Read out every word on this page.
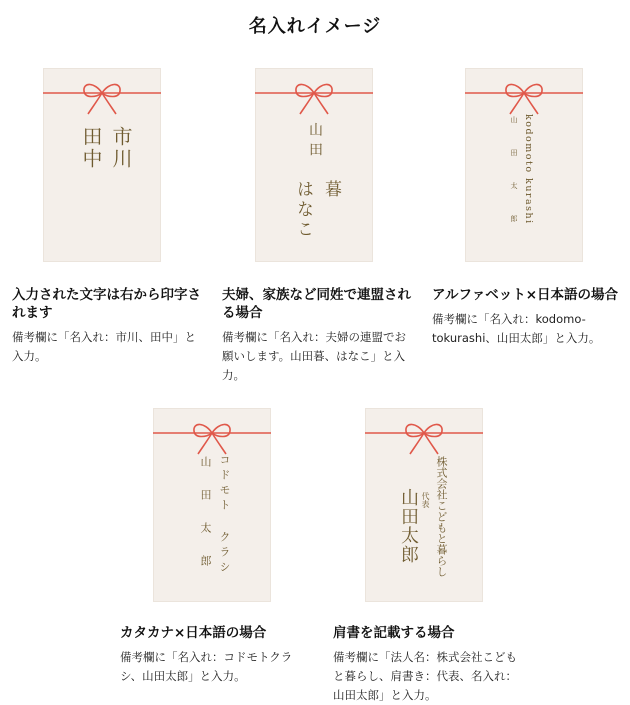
名入れイメージ
市川
田中
入力された文字は右から印字されます

備考欄に「名入れ：市川、田中」と入力。

山田
暮
はなこ
夫婦、家族など同姓で連盟される場合

備考欄に「名入れ：夫婦の連盟でお願いします。山田暮、はなこ」と入力。

kodomoto kurashi
山田太郎
アルファベット×日本語の場合

備考欄に「名入れ：kodomo-tokurashi、山田太郎」と入力。

コドモト クラシ
山田太郎
カタカナ×日本語の場合

備考欄に「名入れ：コドモトクラシ、山田太郎」と入力。

株式会社こどもと暮らし
代表
山田太郎
肩書を記載する場合

備考欄に「法人名：株式会社こどもと暮らし、肩書き：代表、名入れ：山田太郎」と入力。
